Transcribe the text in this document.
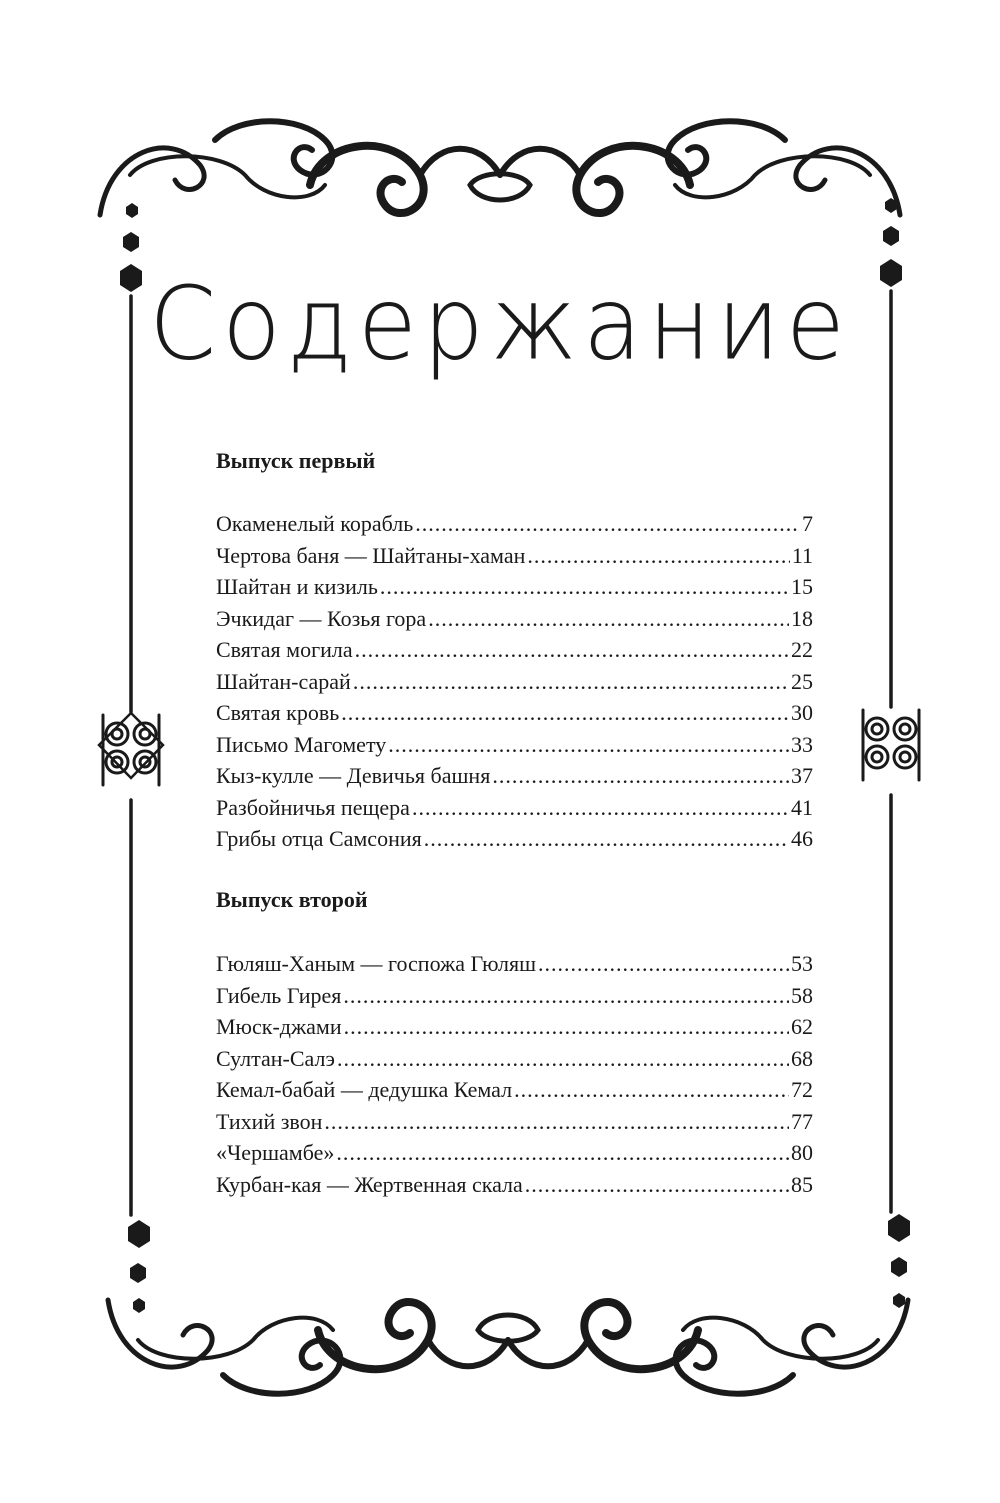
Содержание
Выпуск первый
Окаменелый корабль .....	7
Чертова баня — Шайтаны-хаман .....	11
Шайтан и кизиль .....	15
Эчкидаг — Козья гора .....	18
Святая могила .....	22
Шайтан-сарай .....	25
Святая кровь .....	30
Письмо Магомету .....	33
Кыз-кулле — Девичья башня .....	37
Разбойничья пещера .....	41
Грибы отца Самсония .....	46
Выпуск второй
Гюляш-Ханым — госпожа Гюляш .....	53
Гибель Гирея .....	58
Мюск-джами .....	62
Султан-Салэ .....	68
Кемал-бабай — дедушка Кемал .....	72
Тихий звон .....	77
«Чершамбе» .....	80
Курбан-кая — Жертвенная скала .....	85
